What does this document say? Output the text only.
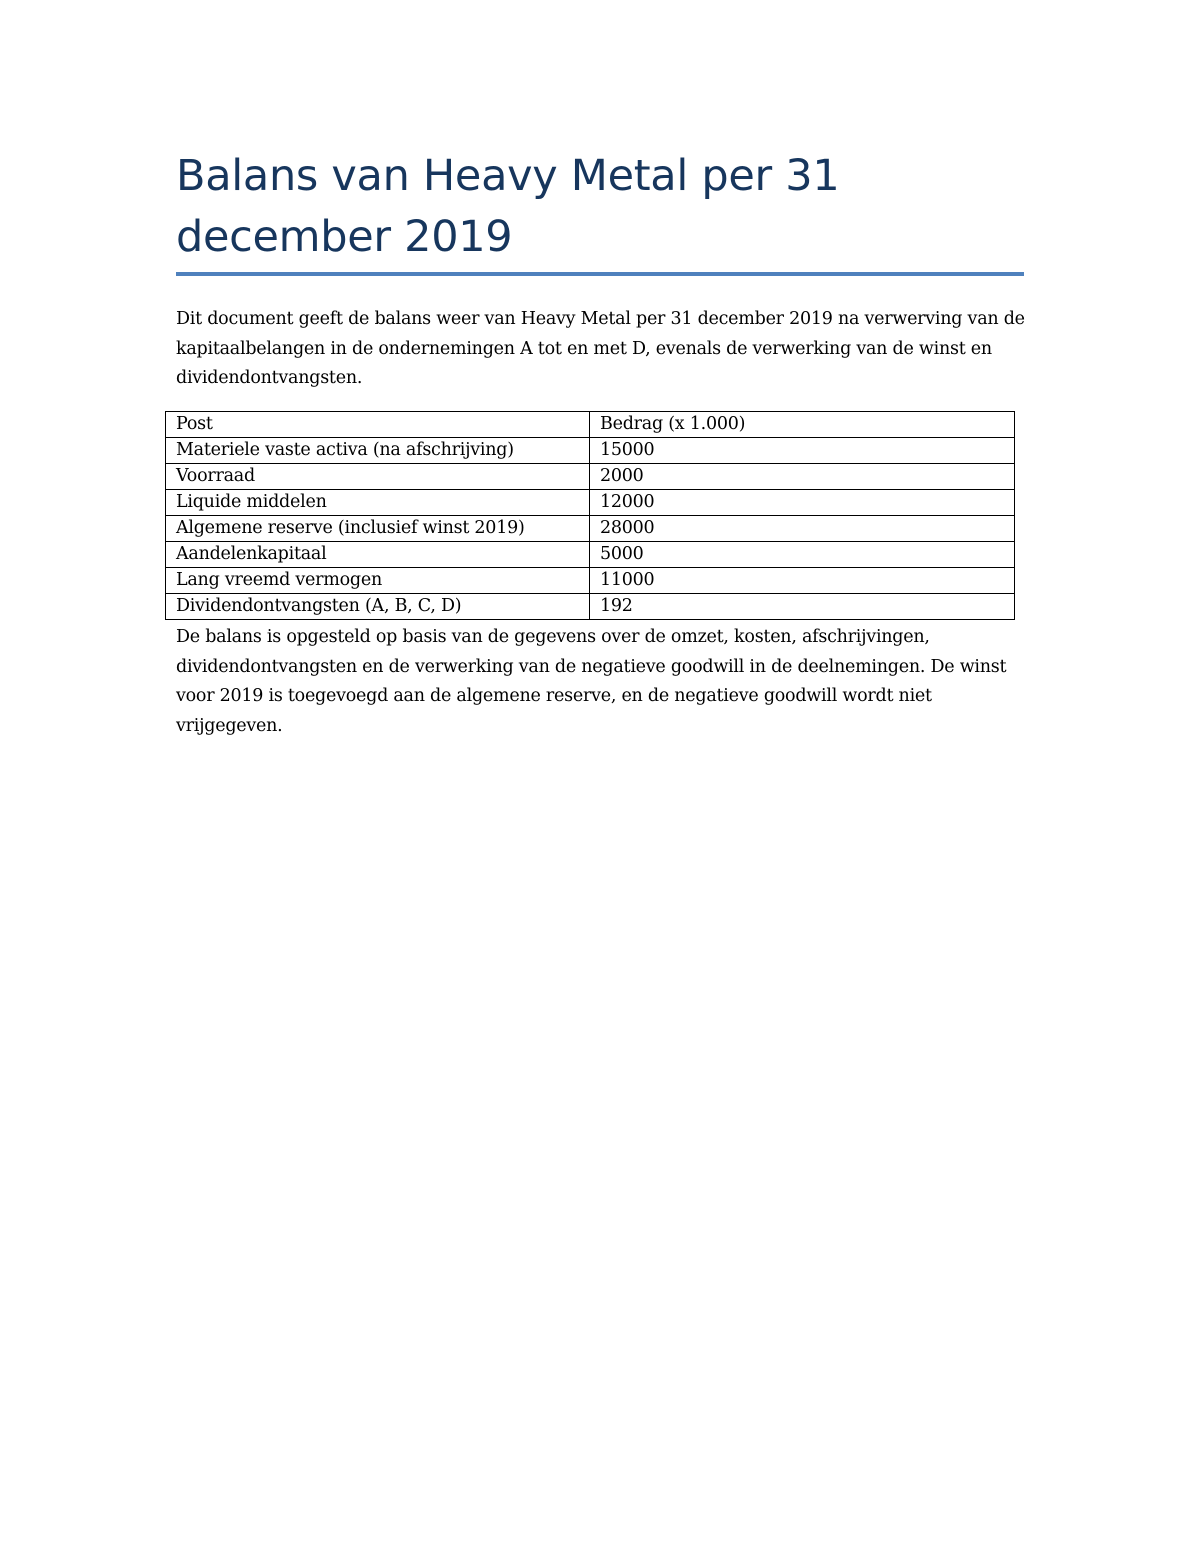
Balans van Heavy Metal per 31 december 2019

Dit document geeft de balans weer van Heavy Metal per 31 december 2019 na verwerving van de kapitaalbelangen in de ondernemingen A tot en met D, evenals de verwerking van de winst en dividendontvangsten.

Post	Bedrag (x 1.000)
Materiele vaste activa (na afschrijving)	15000
Voorraad	2000
Liquide middelen	12000
Algemene reserve (inclusief winst 2019)	28000
Aandelenkapitaal	5000
Lang vreemd vermogen	11000
Dividendontvangsten (A, B, C, D)	192

De balans is opgesteld op basis van de gegevens over de omzet, kosten, afschrijvingen, dividendontvangsten en de verwerking van de negatieve goodwill in de deelnemingen. De winst voor 2019 is toegevoegd aan de algemene reserve, en de negatieve goodwill wordt niet vrijgegeven.
